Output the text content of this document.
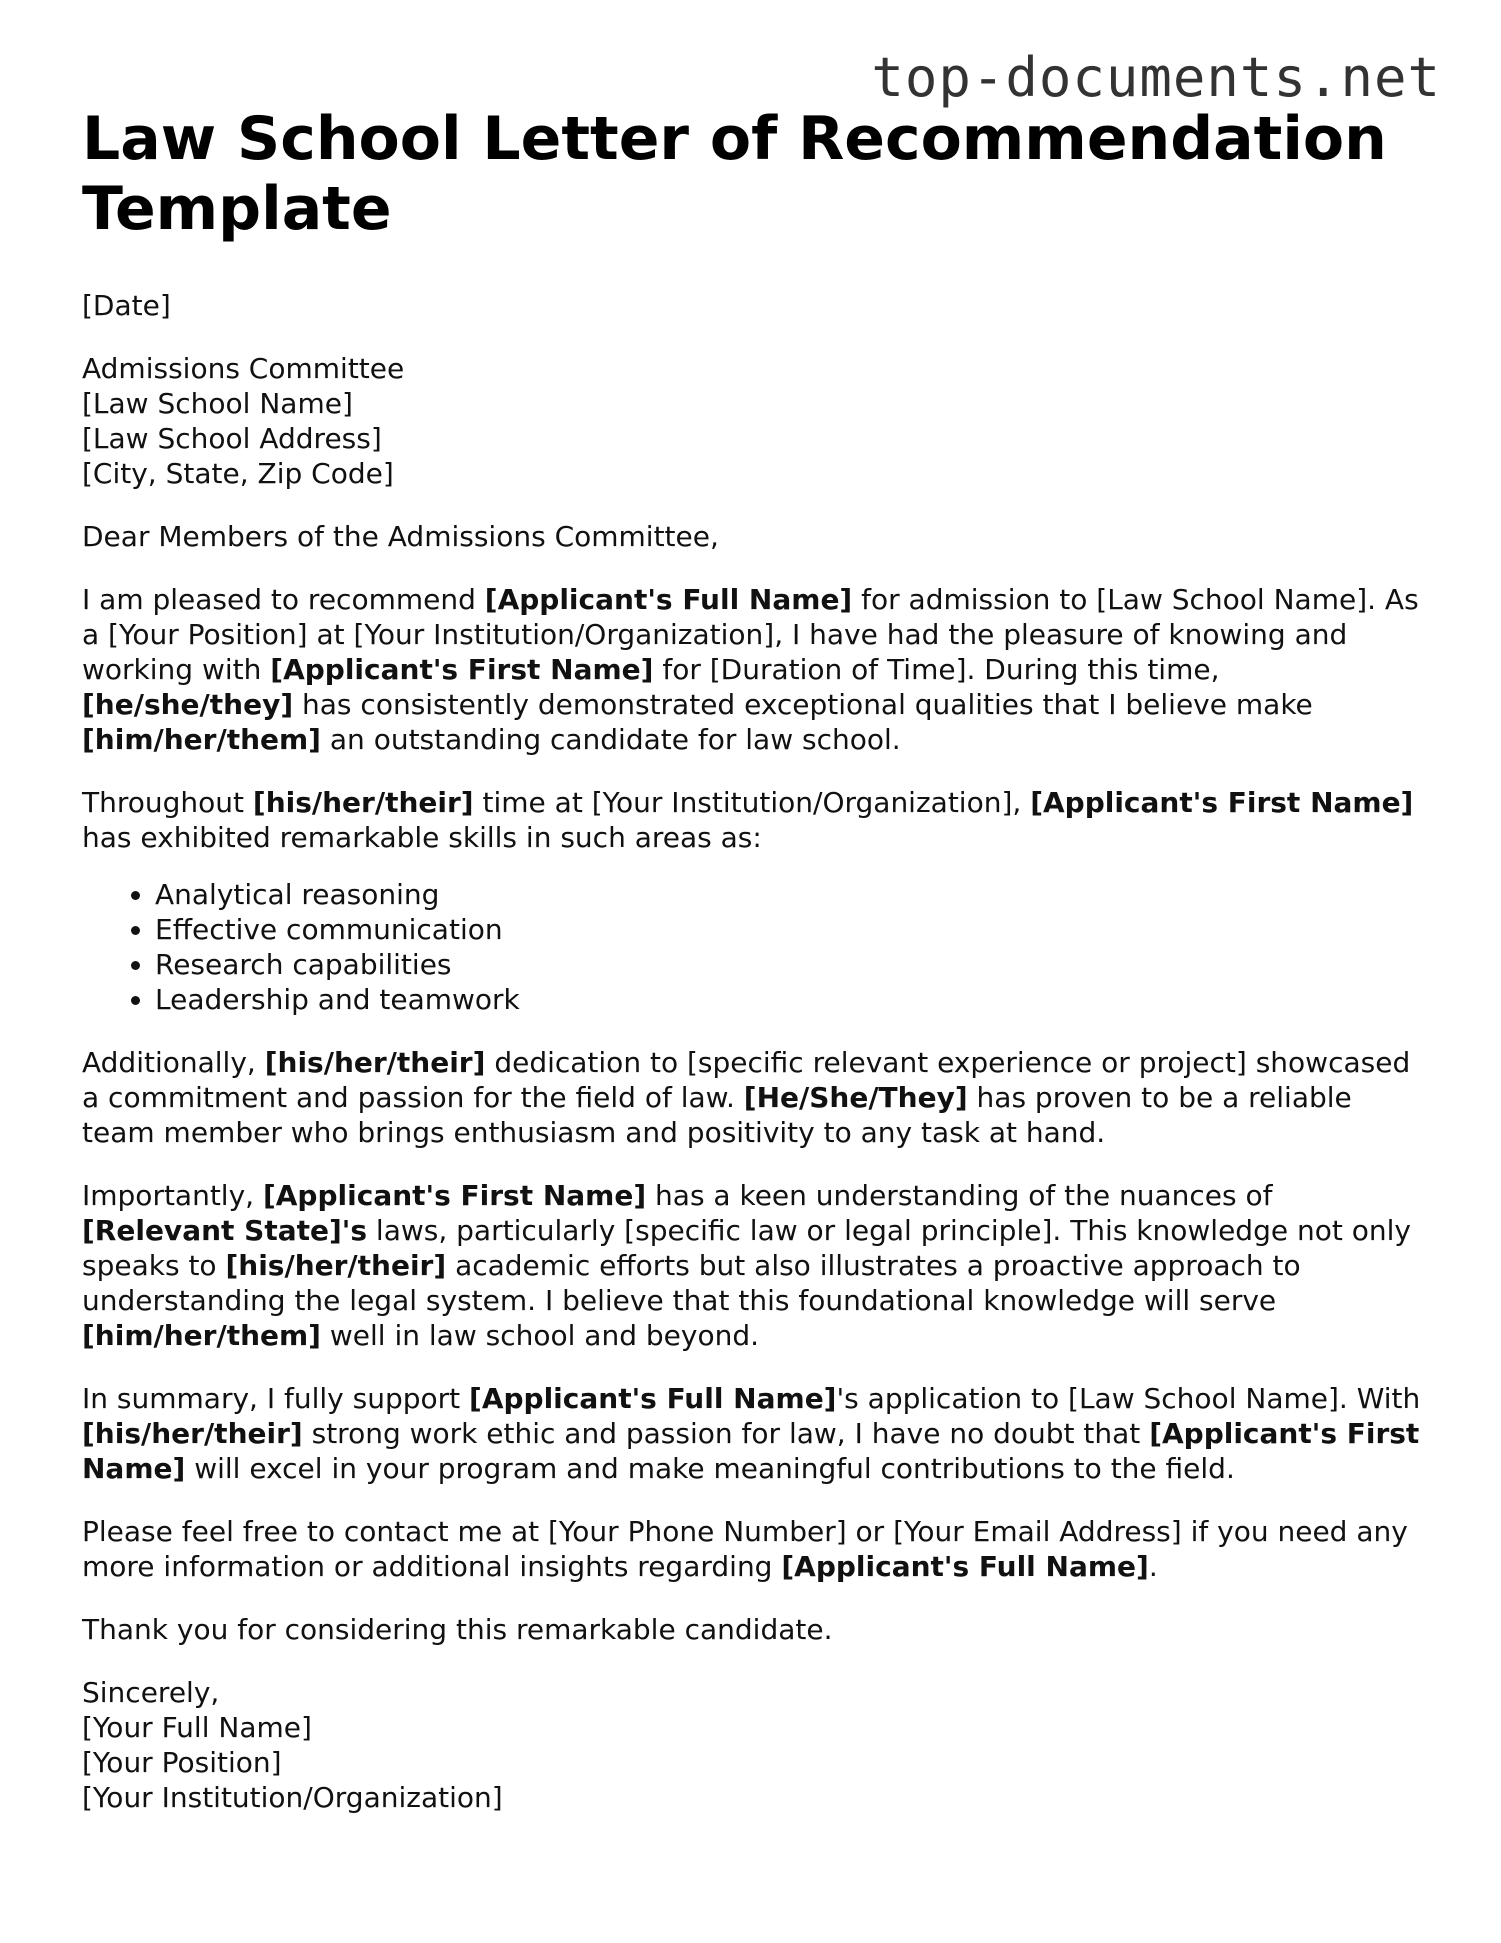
top-documents.net
Law School Letter of Recommendation Template

[Date]

Admissions Committee
[Law School Name]
[Law School Address]
[City, State, Zip Code]

Dear Members of the Admissions Committee,

I am pleased to recommend [Applicant's Full Name] for admission to [Law School Name]. As a [Your Position] at [Your Institution/Organization], I have had the pleasure of knowing and working with [Applicant's First Name] for [Duration of Time]. During this time, [he/she/they] has consistently demonstrated exceptional qualities that I believe make [him/her/them] an outstanding candidate for law school.

Throughout [his/her/their] time at [Your Institution/Organization], [Applicant's First Name] has exhibited remarkable skills in such areas as:

• Analytical reasoning
• Effective communication
• Research capabilities
• Leadership and teamwork

Additionally, [his/her/their] dedication to [specific relevant experience or project] showcased a commitment and passion for the field of law. [He/She/They] has proven to be a reliable team member who brings enthusiasm and positivity to any task at hand.

Importantly, [Applicant's First Name] has a keen understanding of the nuances of [Relevant State]'s laws, particularly [specific law or legal principle]. This knowledge not only speaks to [his/her/their] academic efforts but also illustrates a proactive approach to understanding the legal system. I believe that this foundational knowledge will serve [him/her/them] well in law school and beyond.

In summary, I fully support [Applicant's Full Name]'s application to [Law School Name]. With [his/her/their] strong work ethic and passion for law, I have no doubt that [Applicant's First Name] will excel in your program and make meaningful contributions to the field.

Please feel free to contact me at [Your Phone Number] or [Your Email Address] if you need any more information or additional insights regarding [Applicant's Full Name].

Thank you for considering this remarkable candidate.

Sincerely,
[Your Full Name]
[Your Position]
[Your Institution/Organization]
